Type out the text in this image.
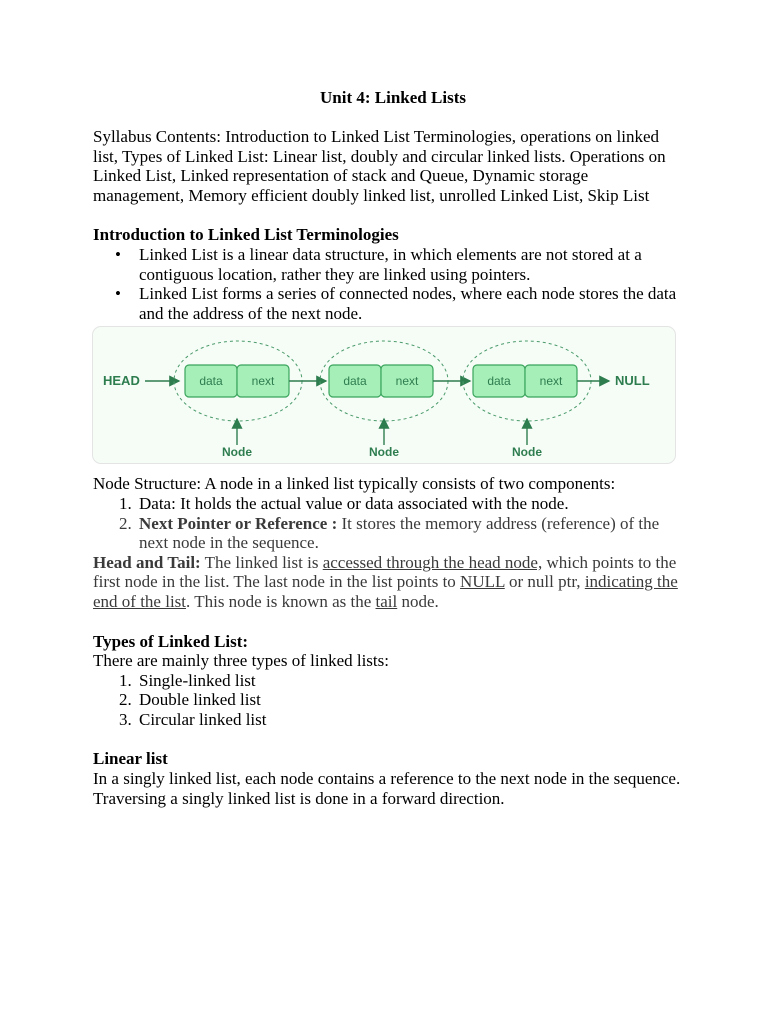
Unit 4: Linked Lists

Syllabus Contents: Introduction to Linked List Terminologies, operations on linked list, Types of Linked List: Linear list, doubly and circular linked lists. Operations on Linked List, Linked representation of stack and Queue, Dynamic storage management, Memory efficient doubly linked list, unrolled Linked List, Skip List

Introduction to Linked List Terminologies

• Linked List is a linear data structure, in which elements are not stored at a contiguous location, rather they are linked using pointers.
• Linked List forms a series of connected nodes, where each node stores the data and the address of the next node.
HEAD	data next
Node
data next
Node
data next
Node
NULL

Node Structure: A node in a linked list typically consists of two components:

1. Data: It holds the actual value or data associated with the node.
2. Next Pointer or Reference : It stores the memory address (reference) of the next node in the sequence.

Head and Tail: The linked list is accessed through the head node, which points to the first node in the list. The last node in the list points to NULL or null ptr, indicating the end of the list. This node is known as the tail node.

Types of Linked List:

There are mainly three types of linked lists:

1. Single-linked list
2. Double linked list
3. Circular linked list

Linear list

In a singly linked list, each node contains a reference to the next node in the sequence. Traversing a singly linked list is done in a forward direction.
